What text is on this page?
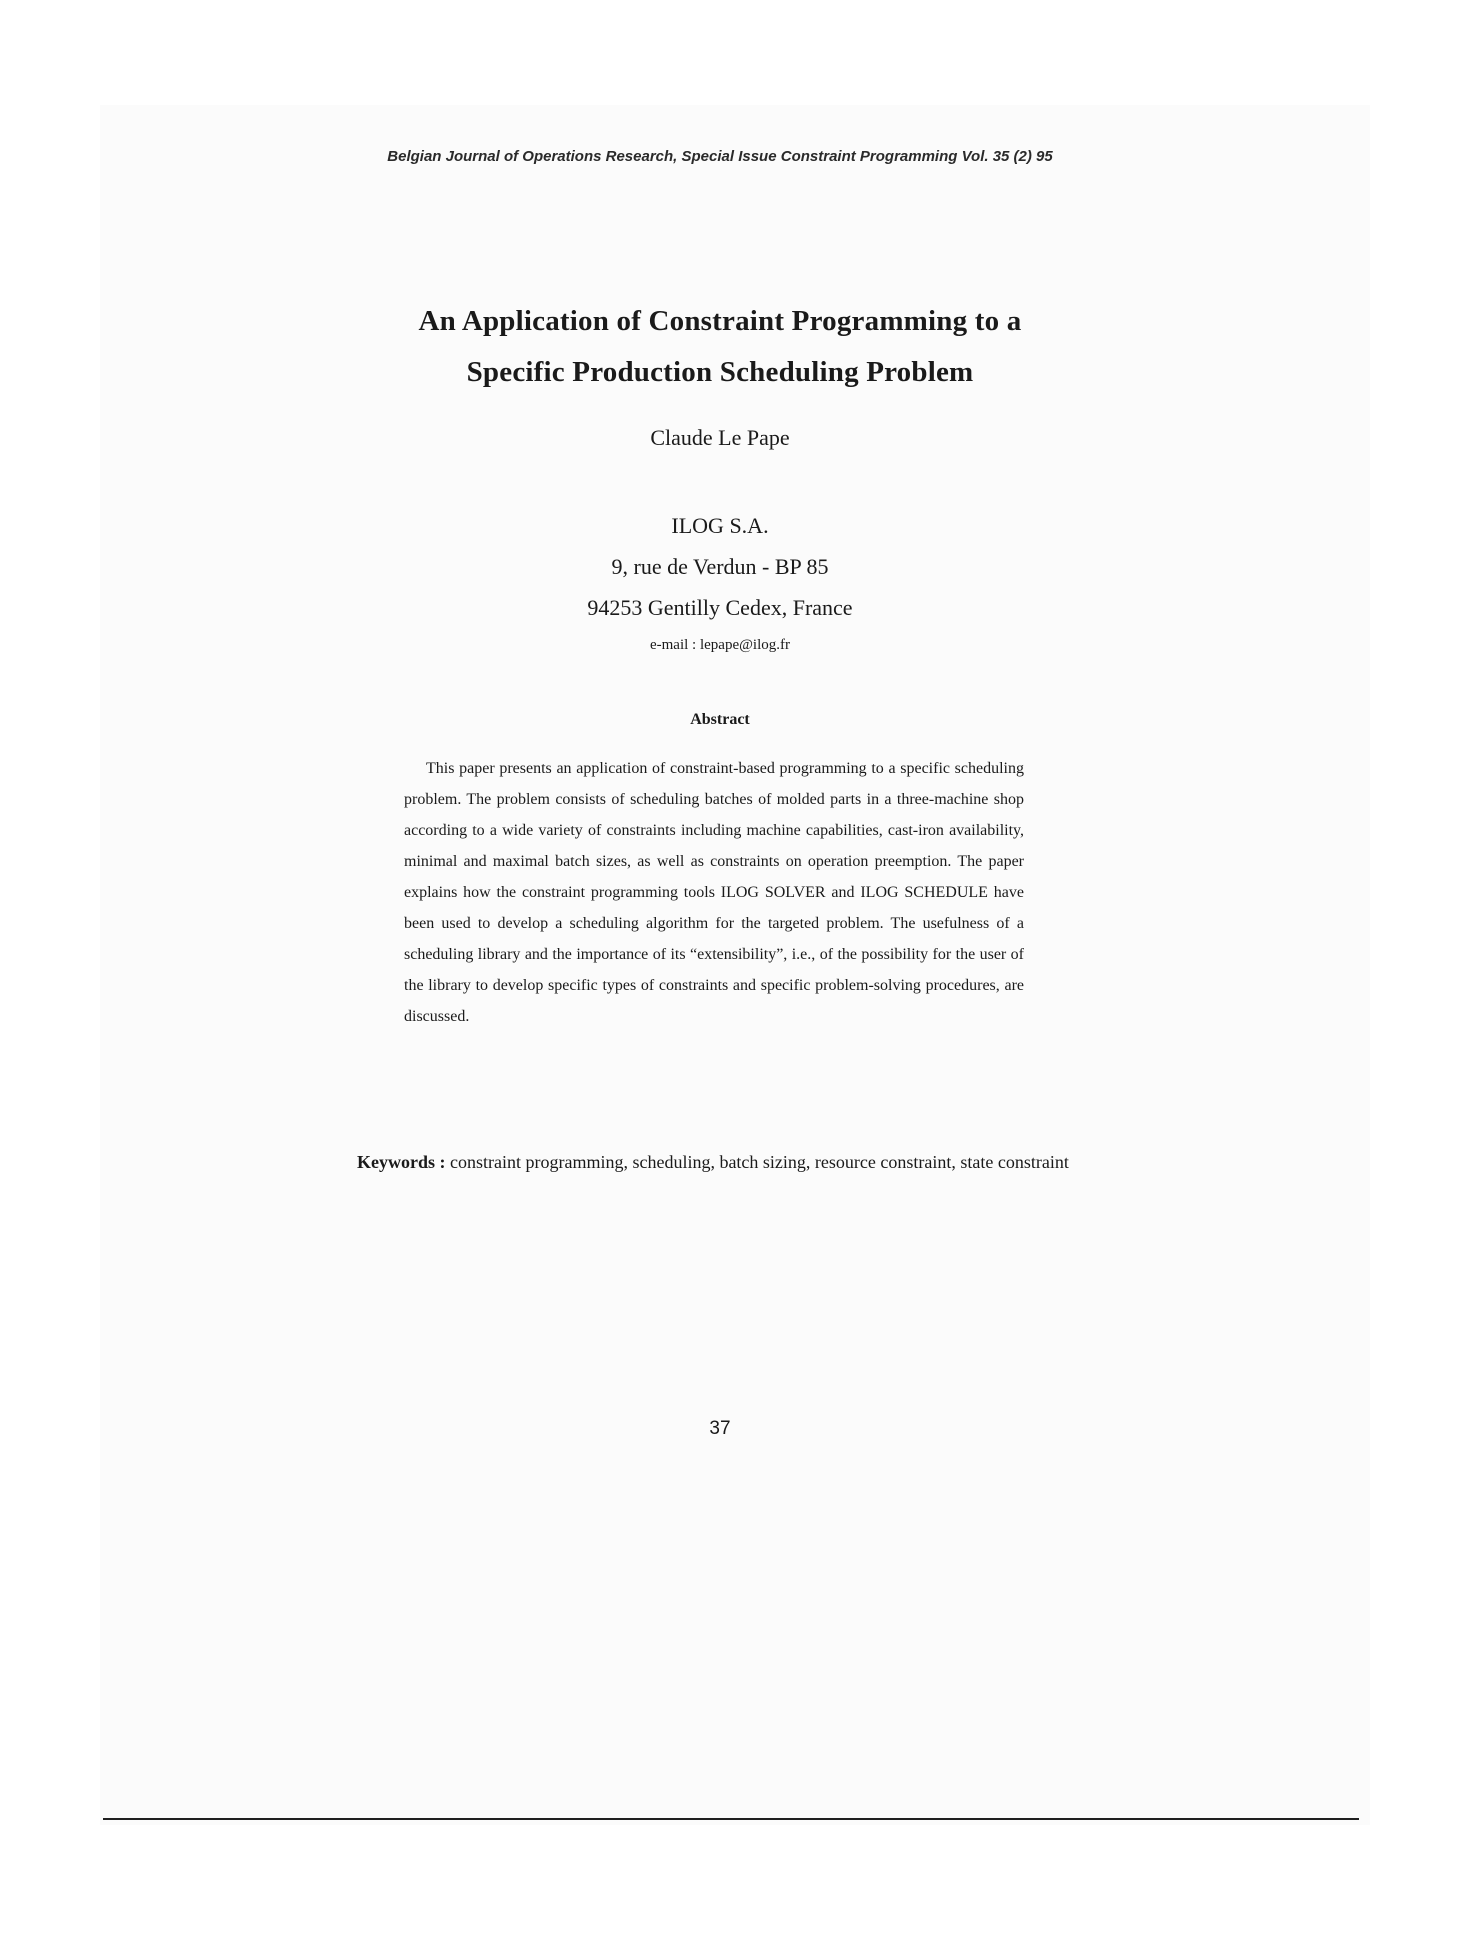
Belgian Journal of Operations Research, Special Issue Constraint Programming Vol. 35 (2) 95
An Application of Constraint Programming to a
Specific Production Scheduling Problem
Claude Le Pape
ILOG S.A.
9, rue de Verdun - BP 85
94253 Gentilly Cedex, France
e-mail : lepape@ilog.fr
Abstract

This paper presents an application of constraint-based programming to a specific scheduling problem. The problem consists of scheduling batches of molded parts in a three-machine shop according to a wide variety of constraints including machine capabilities, cast-iron availability, minimal and maximal batch sizes, as well as constraints on operation preemption. The paper explains how the constraint programming tools ILOG SOLVER and ILOG SCHEDULE have been used to develop a scheduling algorithm for the targeted problem. The usefulness of a scheduling library and the importance of its “extensibility”, i.e., of the possibility for the user of the library to develop specific types of constraints and specific problem-solving procedures, are discussed.

Keywords : constraint programming, scheduling, batch sizing, resource constraint, state constraint

37
